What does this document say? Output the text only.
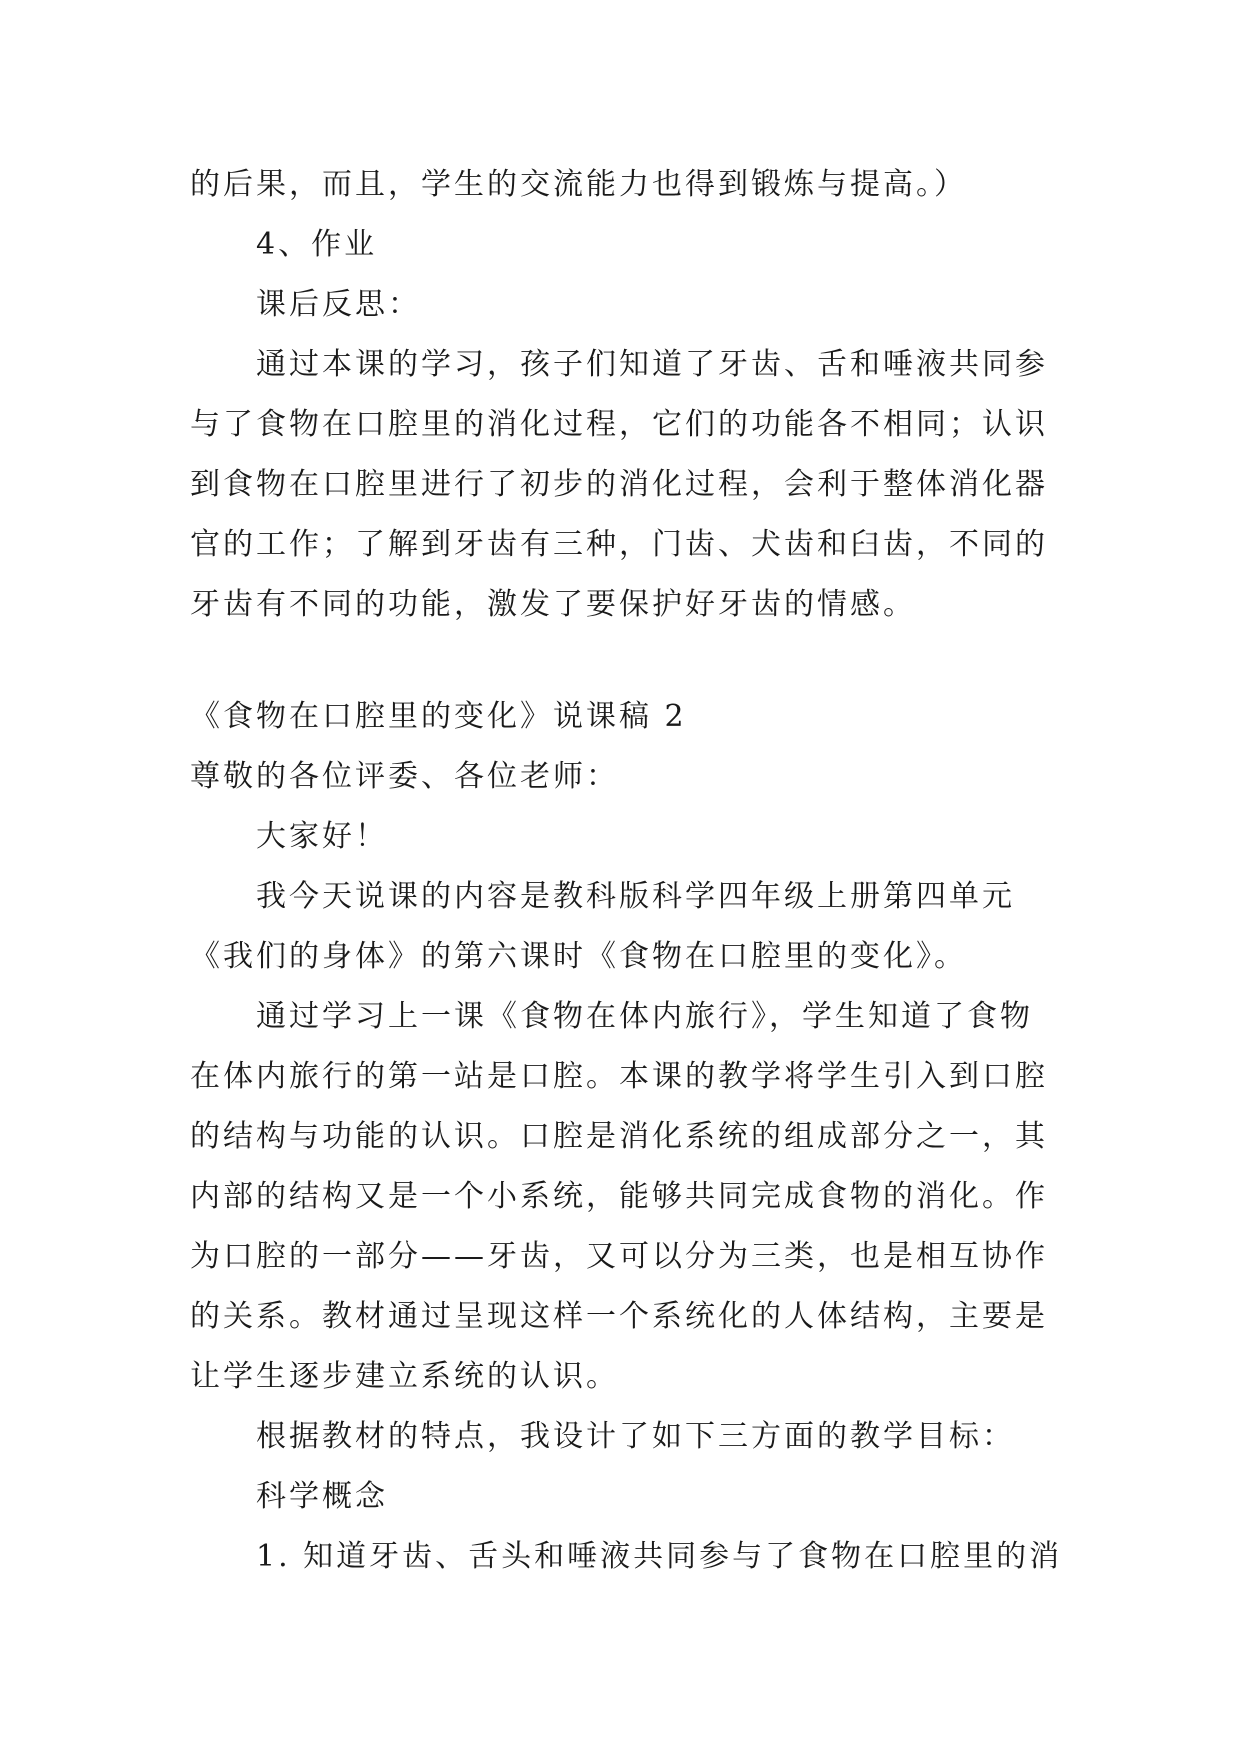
的后果，而且，学生的交流能力也得到锻炼与提高。）
4、作业
课后反思：
通过本课的学习，孩子们知道了牙齿、舌和唾液共同参
与了食物在口腔里的消化过程，它们的功能各不相同；认识
到食物在口腔里进行了初步的消化过程，会利于整体消化器
官的工作；了解到牙齿有三种，门齿、犬齿和臼齿，不同的
牙齿有不同的功能，激发了要保护好牙齿的情感。
《食物在口腔里的变化》说课稿 2
尊敬的各位评委、各位老师：
大家好！
我今天说课的内容是教科版科学四年级上册第四单元
《我们的身体》的第六课时《食物在口腔里的变化》。
通过学习上一课《食物在体内旅行》，学生知道了食物
在体内旅行的第一站是口腔。本课的教学将学生引入到口腔
的结构与功能的认识。口腔是消化系统的组成部分之一，其
内部的结构又是一个小系统，能够共同完成食物的消化。作
为口腔的一部分——牙齿，又可以分为三类，也是相互协作
的关系。教材通过呈现这样一个系统化的人体结构，主要是
让学生逐步建立系统的认识。
根据教材的特点，我设计了如下三方面的教学目标：
科学概念
1. 知道牙齿、舌头和唾液共同参与了食物在口腔里的消
